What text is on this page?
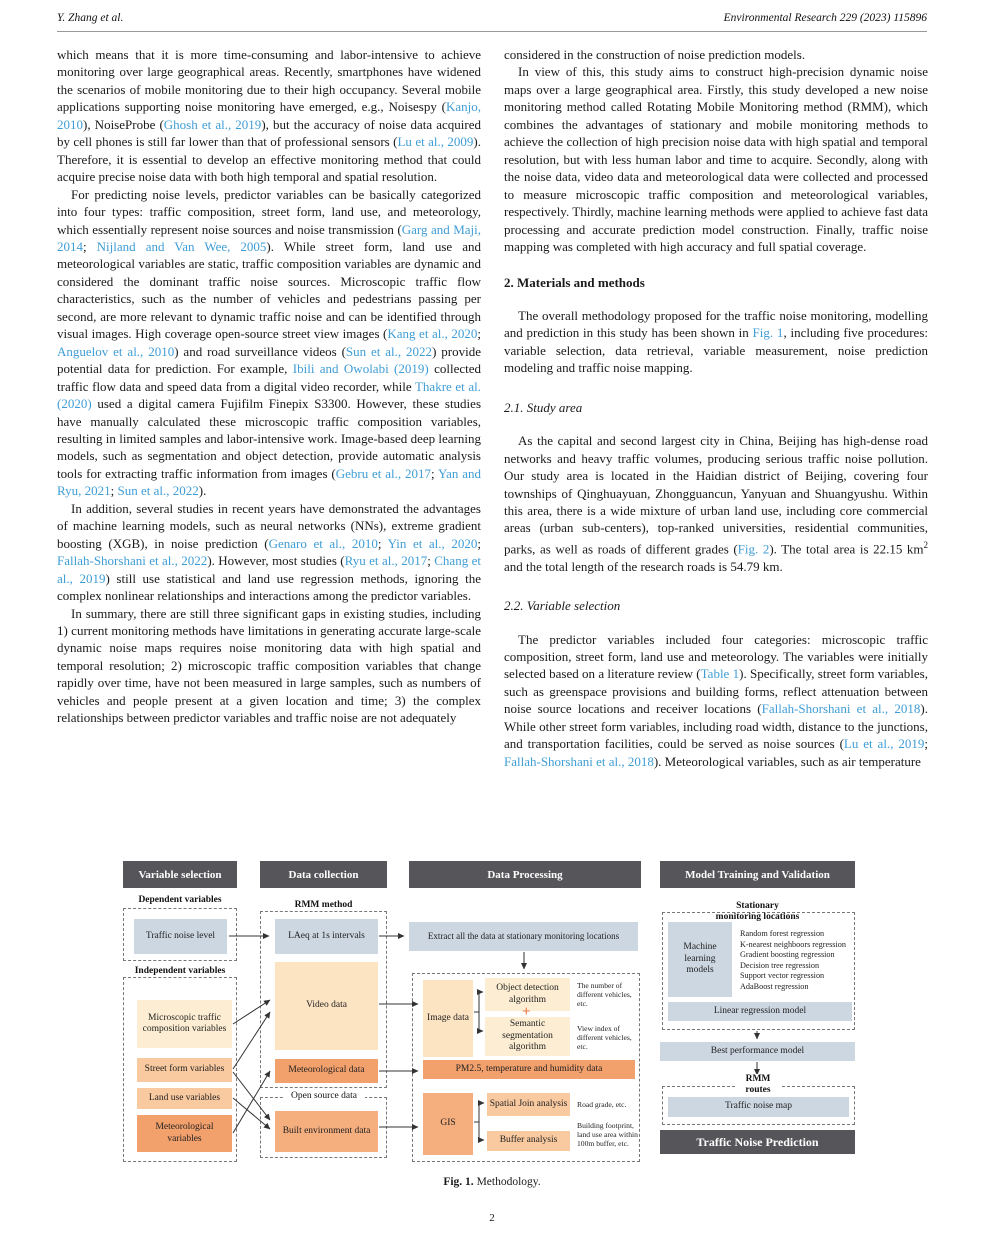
Y. Zhang et al.	Environmental Research 229 (2023) 115896
which means that it is more time-consuming and labor-intensive to achieve monitoring over large geographical areas. Recently, smartphones have widened the scenarios of mobile monitoring due to their high occupancy. Several mobile applications supporting noise monitoring have emerged, e.g., Noisespy (Kanjo, 2010), NoiseProbe (Ghosh et al., 2019), but the accuracy of noise data acquired by cell phones is still far lower than that of professional sensors (Lu et al., 2009). Therefore, it is essential to develop an effective monitoring method that could acquire precise noise data with both high temporal and spatial resolution.
For predicting noise levels, predictor variables can be basically categorized into four types: traffic composition, street form, land use, and meteorology, which essentially represent noise sources and noise transmission (Garg and Maji, 2014; Nijland and Van Wee, 2005). While street form, land use and meteorological variables are static, traffic composition variables are dynamic and considered the dominant traffic noise sources. Microscopic traffic flow characteristics, such as the number of vehicles and pedestrians passing per second, are more relevant to dynamic traffic noise and can be identified through visual images. High coverage open-source street view images (Kang et al., 2020; Anguelov et al., 2010) and road surveillance videos (Sun et al., 2022) provide potential data for prediction. For example, Ibili and Owolabi (2019) collected traffic flow data and speed data from a digital video recorder, while Thakre et al. (2020) used a digital camera Fujifilm Finepix S3300. However, these studies have manually calculated these microscopic traffic composition variables, resulting in limited samples and labor-intensive work. Image-based deep learning models, such as segmentation and object detection, provide automatic analysis tools for extracting traffic information from images (Gebru et al., 2017; Yan and Ryu, 2021; Sun et al., 2022).
In addition, several studies in recent years have demonstrated the advantages of machine learning models, such as neural networks (NNs), extreme gradient boosting (XGB), in noise prediction (Genaro et al., 2010; Yin et al., 2020; Fallah-Shorshani et al., 2022). However, most studies (Ryu et al., 2017; Chang et al., 2019) still use statistical and land use regression methods, ignoring the complex nonlinear relationships and interactions among the predictor variables.
In summary, there are still three significant gaps in existing studies, including 1) current monitoring methods have limitations in generating accurate large-scale dynamic noise maps requires noise monitoring data with high spatial and temporal resolution; 2) microscopic traffic composition variables that change rapidly over time, have not been measured in large samples, such as numbers of vehicles and people present at a given location and time; 3) the complex relationships between predictor variables and traffic noise are not adequately
considered in the construction of noise prediction models.
In view of this, this study aims to construct high-precision dynamic noise maps over a large geographical area. Firstly, this study developed a new noise monitoring method called Rotating Mobile Monitoring method (RMM), which combines the advantages of stationary and mobile monitoring methods to achieve the collection of high precision noise data with high spatial and temporal resolution, but with less human labor and time to acquire. Secondly, along with the noise data, video data and meteorological data were collected and processed to measure microscopic traffic composition and meteorological variables, respectively. Thirdly, machine learning methods were applied to achieve fast data processing and accurate prediction model construction. Finally, traffic noise mapping was completed with high accuracy and full spatial coverage.
2. Materials and methods
The overall methodology proposed for the traffic noise monitoring, modelling and prediction in this study has been shown in Fig. 1, including five procedures: variable selection, data retrieval, variable measurement, noise prediction modeling and traffic noise mapping.
2.1. Study area
As the capital and second largest city in China, Beijing has high-dense road networks and heavy traffic volumes, producing serious traffic noise pollution. Our study area is located in the Haidian district of Beijing, covering four townships of Qinghuayuan, Zhongguancun, Yanyuan and Shuangyushu. Within this area, there is a wide mixture of urban land use, including core commercial areas (urban sub-centers), top-ranked universities, residential communities, parks, as well as roads of different grades (Fig. 2). The total area is 22.15 $km^2$ and the total length of the research roads is 54.79 km.
2.2. Variable selection
The predictor variables included four categories: microscopic traffic composition, street form, land use and meteorology. The variables were initially selected based on a literature review (Table 1). Specifically, street form variables, such as greenspace provisions and building forms, reflect attenuation between noise source locations and receiver locations (Fallah-Shorshani et al., 2018). While other street form variables, including road width, distance to the junctions, and transportation facilities, could be served as noise sources (Lu et al., 2019; Fallah-Shorshani et al., 2018). Meteorological variables, such as air temperature
Variable selection	Data collection	Data Processing	Model Training and Validation
Dependent variables
Traffic noise level
Independent variables
Microscopic traffic composition variables
Street form variables
Land use variables
Meteorological variables
RMM method
LAeq at 1s intervals
Video data
Meteorological data
Open source data
Built environment data
Extract all the data at stationary monitoring locations
Image data
Object detection algorithm
+
Semantic segmentation algorithm
The number of different vehicles, etc.
View index of different vehicles, etc.
PM2.5, temperature and humidity data
GIS
Spatial Join analysis	Road grade, etc.
Buffer analysis
Building footprint, land use area within 100m buffer, etc.
Stationary
monitoring locations
Machine learning models
Random forest regression
K-nearest neighboors regression
Gradient boosting regression
Decision tree regression
Support vector regression
AdaBoost regression
Linear regression model
Best performance model
RMM
routes
Traffic noise map
Traffic Noise Prediction
Fig. 1. Methodology.
2
